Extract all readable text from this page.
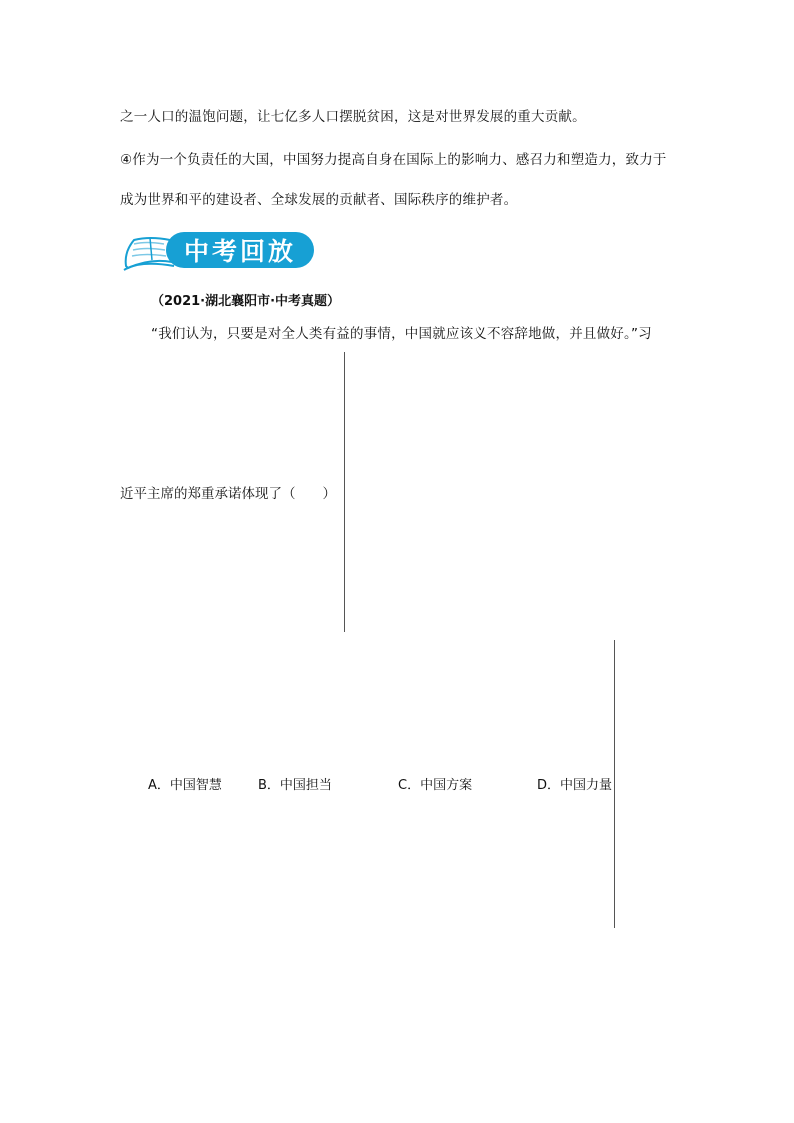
之一人口的温饱问题，让七亿多人口摆脱贫困，这是对世界发展的重大贡献。
④作为一个负责任的大国，中国努力提高自身在国际上的影响力、感召力和塑造力，致力于
成为世界和平的建设者、全球发展的贡献者、国际秩序的维护者。
中考回放
（2021·湖北襄阳市·中考真题）
“我们认为，只要是对全人类有益的事情，中国就应该义不容辞地做，并且做好。”习
近平主席的郑重承诺体现了（　　）
A．中国智慧	B．中国担当	C．中国方案	D．中国力量
